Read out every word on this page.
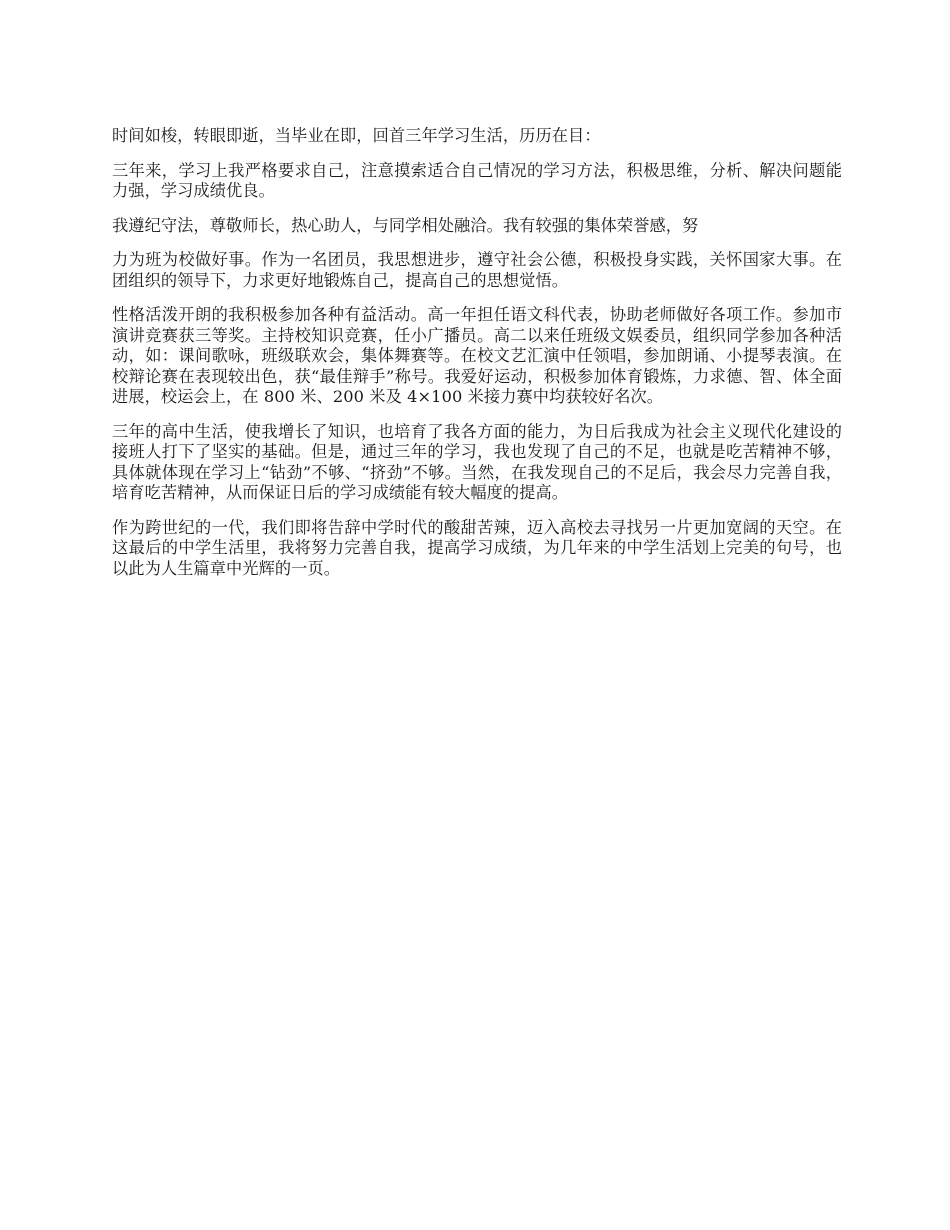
时间如梭，转眼即逝，当毕业在即，回首三年学习生活，历历在目：

三年来，学习上我严格要求自己，注意摸索适合自己情况的学习方法，积极思维，分析、解决问题能力强，学习成绩优良。

我遵纪守法，尊敬师长，热心助人，与同学相处融洽。我有较强的集体荣誉感，努

力为班为校做好事。作为一名团员，我思想进步，遵守社会公德，积极投身实践，关怀国家大事。在团组织的领导下，力求更好地锻炼自己，提高自己的思想觉悟。

性格活泼开朗的我积极参加各种有益活动。高一年担任语文科代表，协助老师做好各项工作。参加市演讲竞赛获三等奖。主持校知识竞赛，任小广播员。高二以来任班级文娱委员，组织同学参加各种活动，如：课间歌咏，班级联欢会，集体舞赛等。在校文艺汇演中任领唱，参加朗诵、小提琴表演。在校辩论赛在表现较出色，获“最佳辩手”称号。我爱好运动，积极参加体育锻炼，力求德、智、体全面进展，校运会上，在 800 米、200 米及 4×100 米接力赛中均获较好名次。

三年的高中生活，使我增长了知识，也培育了我各方面的能力，为日后我成为社会主义现代化建设的接班人打下了坚实的基础。但是，通过三年的学习，我也发现了自己的不足，也就是吃苦精神不够，具体就体现在学习上“钻劲”不够、“挤劲”不够。当然，在我发现自己的不足后，我会尽力完善自我，培育吃苦精神，从而保证日后的学习成绩能有较大幅度的提高。

作为跨世纪的一代，我们即将告辞中学时代的酸甜苦辣，迈入高校去寻找另一片更加宽阔的天空。在这最后的中学生活里，我将努力完善自我，提高学习成绩，为几年来的中学生活划上完美的句号，也以此为人生篇章中光辉的一页。
